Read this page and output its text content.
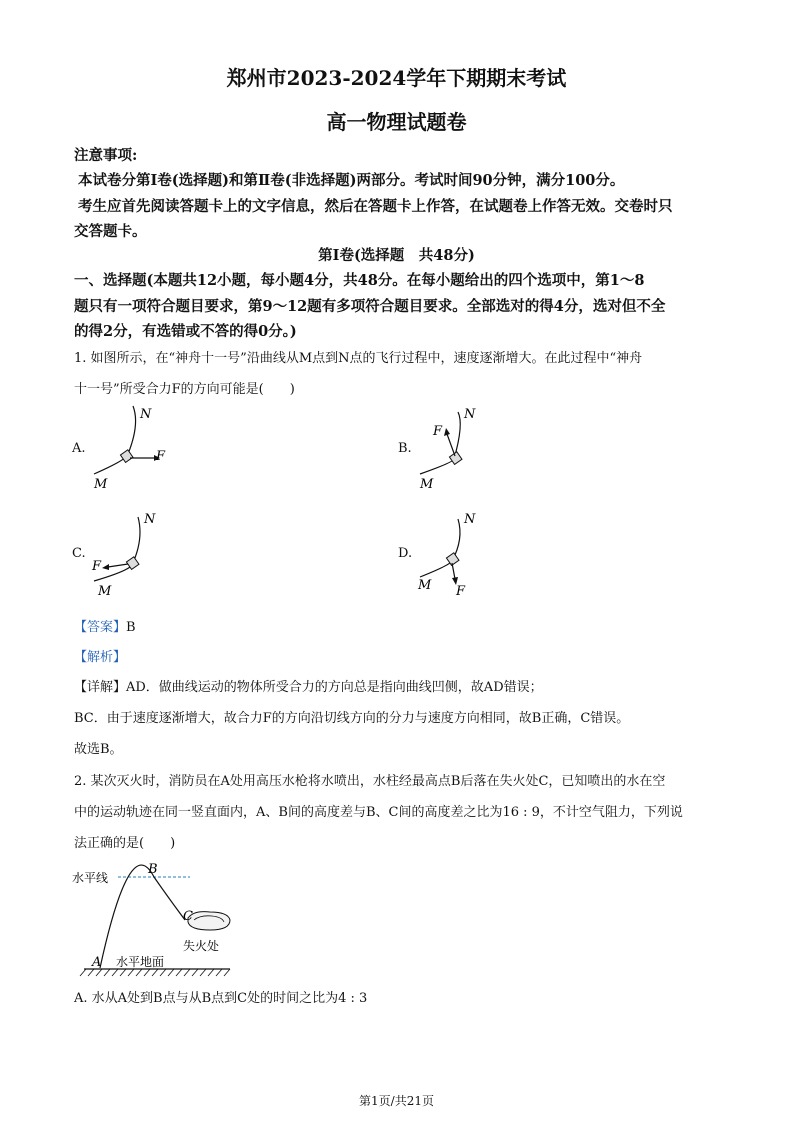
郑州市2023-2024学年下期期末考试
高一物理试题卷
注意事项:
本试卷分第Ⅰ卷(选择题)和第Ⅱ卷(非选择题)两部分。考试时间90分钟，满分100分。
考生应首先阅读答题卡上的文字信息，然后在答题卡上作答，在试题卷上作答无效。交卷时只
交答题卡。
第Ⅰ卷(选择题　共48分)
一、选择题(本题共12小题，每小题4分，共48分。在每小题给出的四个选项中，第1～8
题只有一项符合题目要求，第9～12题有多项符合题目要求。全部选对的得4分，选对但不全
的得2分，有选错或不答的得0分。)
1. 如图所示，在“神舟十一号”沿曲线从M点到N点的飞行过程中，速度逐渐增大。在此过程中“神舟
十一号”所受合力F的方向可能是(　　)
A.
N
M
F
B.
N
M
F
C.
N
M
F
D.
N
M F
【答案】B
【解析】
【详解】AD．做曲线运动的物体所受合力的方向总是指向曲线凹侧，故AD错误；
BC．由于速度逐渐增大，故合力F的方向沿切线方向的分力与速度方向相同，故B正确，C错误。
故选B。
2. 某次灭火时，消防员在A处用高压水枪将水喷出，水柱经最高点B后落在失火处C，已知喷出的水在空
中的运动轨迹在同一竖直面内，A、B间的高度差与B、C间的高度差之比为16 : 9，不计空气阻力，下列说
法正确的是(　　)
水平线
B
C
失火处
A 水平地面
A. 水从A处到B点与从B点到C处的时间之比为4 : 3
第1页/共21页
